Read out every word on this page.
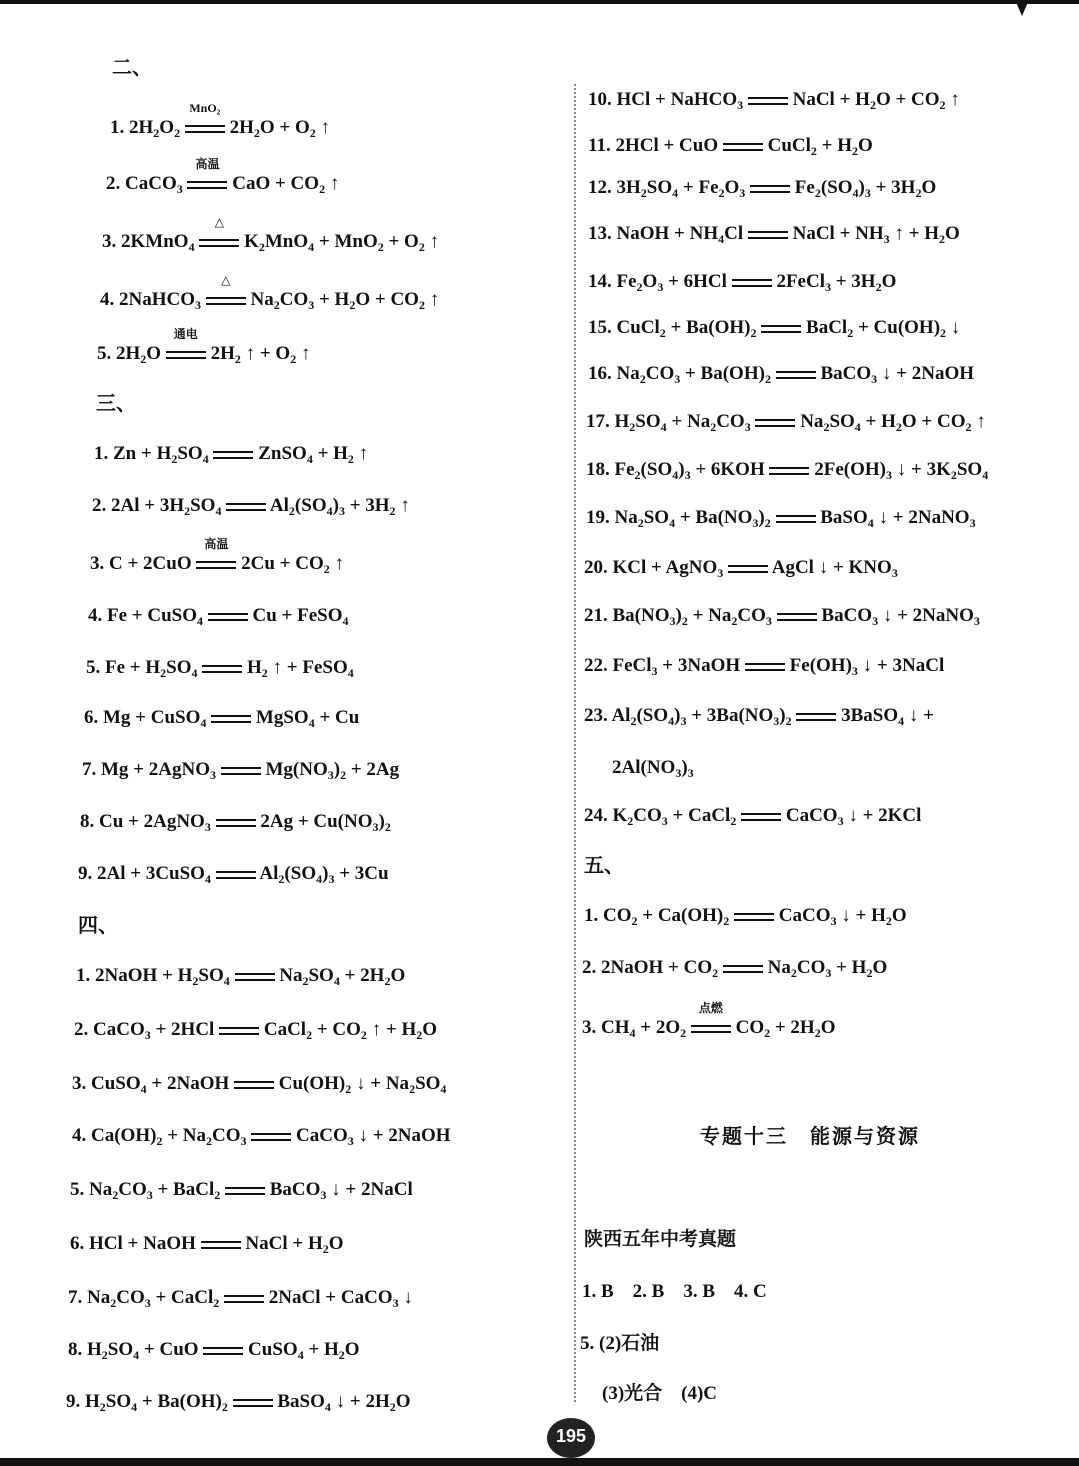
二、
1. $2H_2O_2$
MnO₂
$2H_2O + O_2$ ↑
2. CaCO$_3$
高温
CaO + $CO_2$ ↑
3. 2KMnO$_4$
△
$K_2MnO_4 + MnO_2 + O_2$ ↑
4. 2NaHCO$_3$
△
$Na_2CO_3 + H_2O + CO_2$ ↑
5. $2H_2O$
通电
$2H_2$ ↑ + $O_2$ ↑
三、
1. $Zn + H_2SO_4$	ZnSO$_4$ + $H_2$ ↑
2. $2Al + 3H_2SO_4$	$Al_2(SO_4)_3 + 3H_2$ ↑
3. C + 2CuO
高温
$2Cu + CO_2$ ↑
4. Fe + CuSO$_4$	Cu + FeSO$_4$
5. $Fe + H_2SO_4$	$H_2$ ↑ + FeSO$_4$
6. Mg + CuSO$_4$	MgSO$_4$ + Cu
7. Mg + 2AgNO$_3$	$Mg(NO_3)_2 + 2Ag$
8. Cu + 2AgNO$_3$	$2Ag + Cu(NO_3)_2$
9. 2Al + 3CuSO$_4$	$Al_2(SO_4)_3 + 3Cu$
四、
1. 2NaOH + $H_2SO_4$	$Na_2SO_4 + 2H_2O$
2. CaCO$_3$ + 2HCl	CaCl$_2$ + $CO_2$ ↑ + $H_2O$
3. CuSO$_4$ + 2NaOH	$Cu(OH)_2$ ↓ + $Na_2SO_4$
4. $Ca(OH)_2 + Na_2CO_3$	CaCO$_3$ ↓ + 2NaOH
5. $Na_2CO_3$ + BaCl$_2$	BaCO$_3$ ↓ + 2NaCl
6. HCl + NaOH	NaCl + $H_2O$
7. $Na_2CO_3$ + CaCl$_2$	2NaCl + CaCO$_3$ ↓
8. $H_2SO_4$ + CuO	CuSO$_4$ + $H_2O$
9. $H_2SO_4 + Ba(OH)_2$	BaSO$_4$ ↓ + $2H_2O$
10. HCl + NaHCO$_3$	NaCl + $H_2O + CO_2$ ↑
11. 2HCl + CuO	CuCl$_2$ + $H_2O$
12. $3H_2SO_4 + Fe_2O_3$	$Fe_2(SO_4)_3 + 3H_2O$
13. NaOH + $NH_4Cl$	NaCl + $NH_3$ ↑ + $H_2O$
14. $Fe_2O_3 + 6HCl$	2FeCl$_3$ + $3H_2O$
15. CuCl$_2$ + $Ba(OH)_2$	BaCl$_2$ + $Cu(OH)_2$ ↓
16. $Na_2CO_3 + Ba(OH)_2$	BaCO$_3$ ↓ + 2NaOH
17. $H_2SO_4 + Na_2CO_3$	$Na_2SO_4 + H_2O + CO_2$ ↑
18. $Fe_2(SO_4)_3 + 6KOH$	$2Fe(OH)_3$ ↓ + $3K_2SO_4$
19. $Na_2SO_4 + Ba(NO_3)_2$	BaSO$_4$ ↓ + 2NaNO$_3$
20. KCl + AgNO$_3$	AgCl ↓ + $KNO_3$
21. $Ba(NO_3)_2 + Na_2CO_3$	BaCO$_3$ ↓ + 2NaNO$_3$
22. FeCl$_3$ + 3NaOH	$Fe(OH)_3$ ↓ + 3NaCl
23. $Al_2(SO_4)_3 + 3Ba(NO_3)_2$	3BaSO$_4$ ↓ +
$2Al(NO_3)_3$
24. $K_2CO_3$ + CaCl$_2$	CaCO$_3$ ↓ + 2KCl
五、
1. $CO_2 + Ca(OH)_2$	CaCO$_3$ ↓ + $H_2O$
2. 2NaOH + $CO_2$	$Na_2CO_3 + H_2O$
3. $CH_4 + 2O_2$
点燃
$CO_2 + 2H_2O$
陕西五年中考真题
1. B　2. B　3. B　4. C
5. (2)石油
(3)光合　(4)C
专题十三　能源与资源
195
